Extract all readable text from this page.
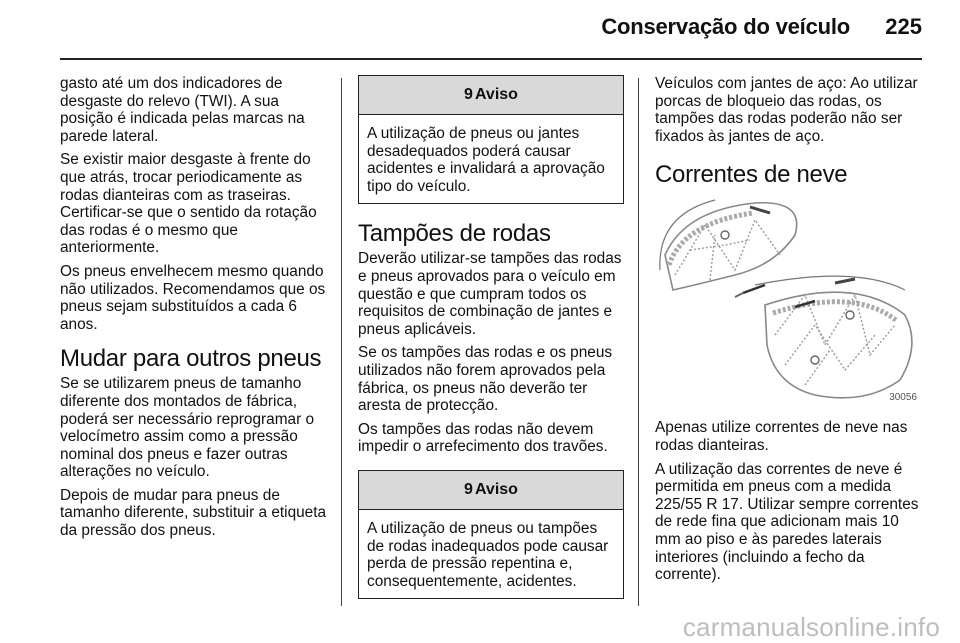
Conservação do veículo 225

gasto até um dos indicadores de desgaste do relevo (TWI). A sua posição é indicada pelas marcas na parede lateral.

Se existir maior desgaste à frente do que atrás, trocar periodicamente as rodas dianteiras com as traseiras. Certificar-se que o sentido da rotação das rodas é o mesmo que anteriormente.

Os pneus envelhecem mesmo quando não utilizados. Recomendamos que os pneus sejam substituídos a cada 6 anos.

Mudar para outros pneus

Se se utilizarem pneus de tamanho diferente dos montados de fábrica, poderá ser necessário reprogramar o velocímetro assim como a pressão nominal dos pneus e fazer outras alterações no veículo.

Depois de mudar para pneus de tamanho diferente, substituir a etiqueta da pressão dos pneus.

9 Aviso

A utilização de pneus ou jantes desadequados poderá causar acidentes e invalidará a aprovação tipo do veículo.

Tampões de rodas

Deverão utilizar-se tampões das rodas e pneus aprovados para o veículo em questão e que cumpram todos os requisitos de combinação de jantes e pneus aplicáveis.

Se os tampões das rodas e os pneus utilizados não forem aprovados pela fábrica, os pneus não deverão ter aresta de protecção.

Os tampões das rodas não devem impedir o arrefecimento dos travões.

9 Aviso

A utilização de pneus ou tampões de rodas inadequados pode causar perda de pressão repentina e, consequentemente, acidentes.

Veículos com jantes de aço: Ao utilizar porcas de bloqueio das rodas, os tampões das rodas poderão não ser fixados às jantes de aço.

Correntes de neve
30056

Apenas utilize correntes de neve nas rodas dianteiras.

A utilização das correntes de neve é permitida em pneus com a medida 225/55 R 17. Utilizar sempre correntes de rede fina que adicionam mais 10 mm ao piso e às paredes laterais interiores (incluindo a fecho da corrente).

carmanualsonline.info
